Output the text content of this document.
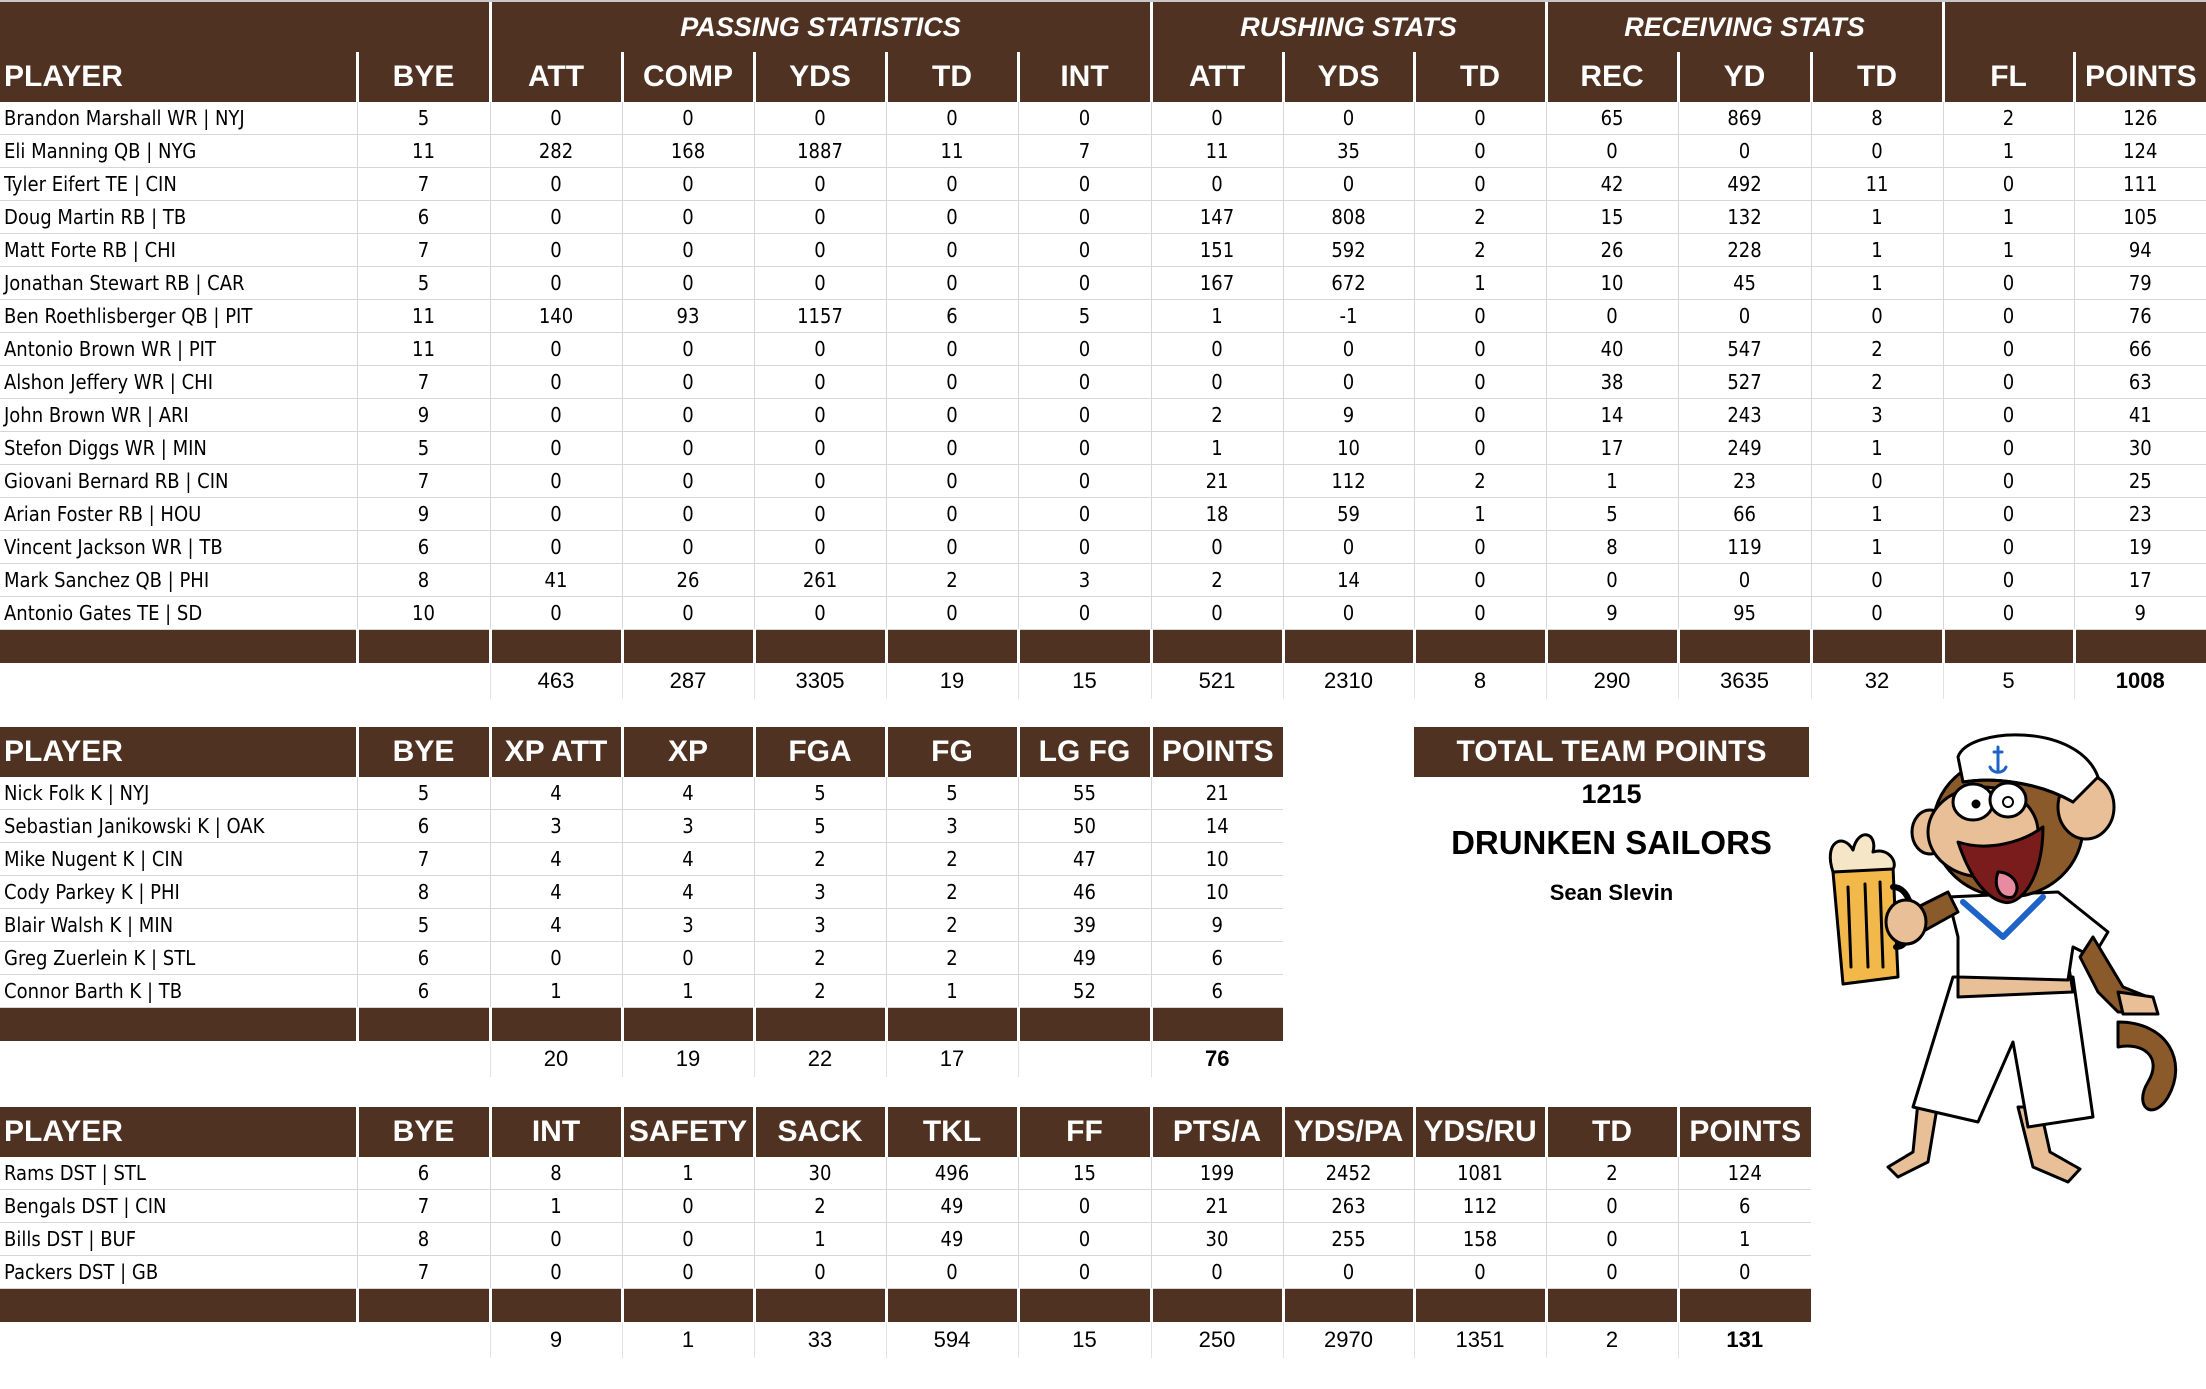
		PASSING STATISTICS					RUSHING STATS			RECEIVING STATS				
PLAYER	BYE	ATT	COMP	YDS	TD	INT	ATT	YDS	TD	REC	YD	TD	FL	POINTS
Brandon Marshall WR | NYJ	5	0	0	0	0	0	0	0	0	65	869	8	2	126
Eli Manning QB | NYG	11	282	168	1887	11	7	11	35	0	0	0	0	1	124
Tyler Eifert TE | CIN	7	0	0	0	0	0	0	0	0	42	492	11	0	111
Doug Martin RB | TB	6	0	0	0	0	0	147	808	2	15	132	1	1	105
Matt Forte RB | CHI	7	0	0	0	0	0	151	592	2	26	228	1	1	94
Jonathan Stewart RB | CAR	5	0	0	0	0	0	167	672	1	10	45	1	0	79
Ben Roethlisberger QB | PIT	11	140	93	1157	6	5	1	-1	0	0	0	0	0	76
Antonio Brown WR | PIT	11	0	0	0	0	0	0	0	0	40	547	2	0	66
Alshon Jeffery WR | CHI	7	0	0	0	0	0	0	0	0	38	527	2	0	63
John Brown WR | ARI	9	0	0	0	0	0	2	9	0	14	243	3	0	41
Stefon Diggs WR | MIN	5	0	0	0	0	0	1	10	0	17	249	1	0	30
Giovani Bernard RB | CIN	7	0	0	0	0	0	21	112	2	1	23	0	0	25
Arian Foster RB | HOU	9	0	0	0	0	0	18	59	1	5	66	1	0	23
Vincent Jackson WR | TB	6	0	0	0	0	0	0	0	0	8	119	1	0	19
Mark Sanchez QB | PHI	8	41	26	261	2	3	2	14	0	0	0	0	0	17
Antonio Gates TE | SD	10	0	0	0	0	0	0	0	0	9	95	0	0	9

		463	287	3305	19	15	521	2310	8	290	3635	32	5	1008
PLAYER	BYE	XP ATT	XP	FGA	FG	LG FG	POINTS
Nick Folk K | NYJ	5	4	4	5	5	55	21
Sebastian Janikowski K | OAK	6	3	3	5	3	50	14
Mike Nugent K | CIN	7	4	4	2	2	47	10
Cody Parkey K | PHI	8	4	4	3	2	46	10
Blair Walsh K | MIN	5	4	3	3	2	39	9
Greg Zuerlein K | STL	6	0	0	2	2	49	6
Connor Barth K | TB	6	1	1	2	1	52	6

		20	19	22	17		76
PLAYER	BYE	INT	SAFETY	SACK	TKL	FF	PTS/A	YDS/PA	YDS/RU	TD	POINTS
Rams DST | STL	6	8	1	30	496	15	199	2452	1081	2	124
Bengals DST | CIN	7	1	0	2	49	0	21	263	112	0	6
Bills DST | BUF	8	0	0	1	49	0	30	255	158	0	1
Packers DST | GB	7	0	0	0	0	0	0	0	0	0	0

		9	1	33	594	15	250	2970	1351	2	131
TOTAL TEAM POINTS
1215
DRUNKEN SAILORS
Sean Slevin
